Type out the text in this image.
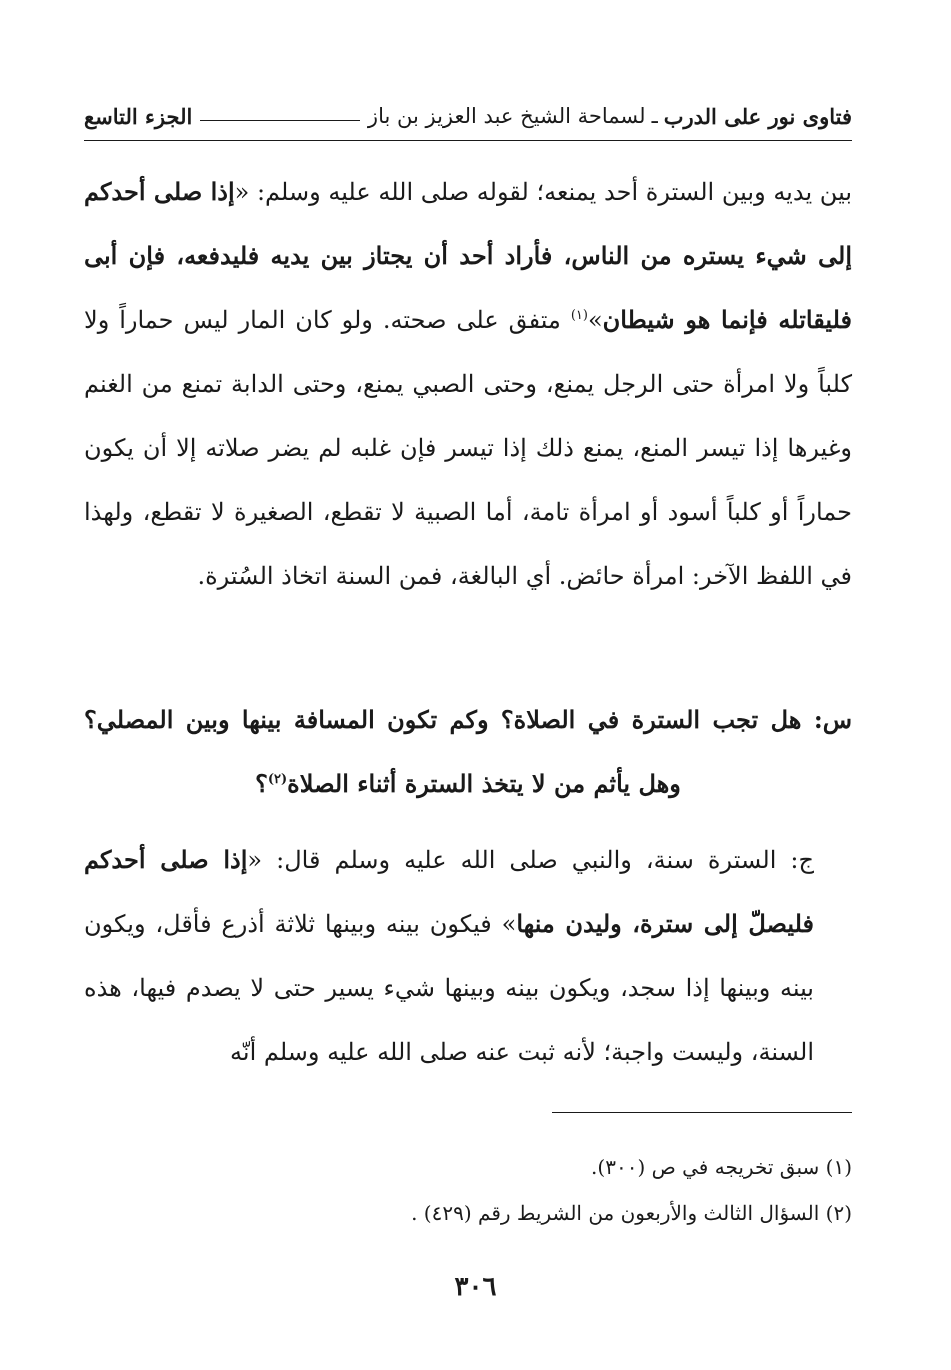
فتاوى نور على الدرب
ـ
لسماحة الشيخ عبد العزيز بن باز
الجزء التاسع

بين يديه وبين السترة أحد يمنعه؛ لقوله صلى الله عليه وسلم: «إذا صلى أحدكم إلى شيء يستره من الناس، فأراد أحد أن يجتاز بين يديه فليدفعه، فإن أبى فليقاتله فإنما هو شيطان»$^{(١)}$ متفق على صحته. ولو كان المار ليس حماراً ولا كلباً ولا امرأة حتى الرجل يمنع، وحتى الصبي يمنع، وحتى الدابة تمنع من الغنم وغيرها إذا تيسر المنع، يمنع ذلك إذا تيسر فإن غلبه لم يضر صلاته إلا أن يكون حماراً أو كلباً أسود أو امرأة تامة، أما الصبية لا تقطع، الصغيرة لا تقطع، ولهذا في اللفظ الآخر: امرأة حائض. أي البالغة، فمن السنة اتخاذ السُترة.

س: هل تجب السترة في الصلاة؟ وكم تكون المسافة بينها وبين المصلي؟ وهل يأثم من لا يتخذ السترة أثناء الصلاة$^{(٢)}$؟

ج: السترة سنة، والنبي صلى الله عليه وسلم قال: «إذا صلى أحدكم فليصلّ إلى سترة، وليدن منها» فيكون بينه وبينها ثلاثة أذرع فأقل، ويكون بينه وبينها إذا سجد، ويكون بينه وبينها شيء يسير حتى لا يصدم فيها، هذه السنة، وليست واجبة؛ لأنه ثبت عنه صلى الله عليه وسلم أنّه

(١) سبق تخريجه في ص (٣٠٠).
(٢) السؤال الثالث والأربعون من الشريط رقم (٤٢٩) .
٣٠٦
